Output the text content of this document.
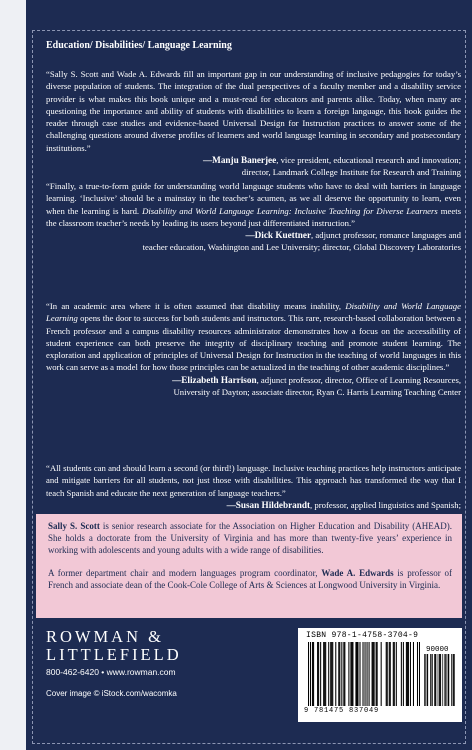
Education/ Disabilities/ Language Learning

“Sally S. Scott and Wade A. Edwards fill an important gap in our understanding of inclusive pedagogies for today’s diverse population of students. The integration of the dual perspectives of a faculty member and a disability service provider is what makes this book unique and a must-read for educators and parents alike. Today, when many are questioning the importance and ability of students with disabilities to learn a foreign language, this book guides the reader through case studies and evidence-based Universal Design for Instruction practices to answer some of the challenging questions around diverse profiles of learners and world language learning in secondary and postsecondary institutions.”

—Manju Banerjee, vice president, educational research and innovation;
director, Landmark College Institute for Research and Training

“Finally, a true-to-form guide for understanding world language students who have to deal with barriers in language learning. ‘Inclusive’ should be a mainstay in the teacher’s acumen, as we all deserve the opportunity to learn, even when the learning is hard. Disability and World Language Learning: Inclusive Teaching for Diverse Learners meets the classroom teacher’s needs by leading its users beyond just differentiated instruction.”

—Dick Kuettner, adjunct professor, romance languages and
teacher education, Washington and Lee University; director, Global Discovery Laboratories

“In an academic area where it is often assumed that disability means inability, Disability and World Language Learning opens the door to success for both students and instructors. This rare, research-based collaboration between a French professor and a campus disability resources administrator demonstrates how a focus on the accessibility of student experience can both preserve the integrity of disciplinary teaching and promote student learning. The exploration and application of principles of Universal Design for Instruction in the teaching of world languages in this work can serve as a model for how those principles can be actualized in the teaching of other academic disciplines.”

—Elizabeth Harrison, adjunct professor, director, Office of Learning Resources,
University of Dayton; associate director, Ryan C. Harris Learning Teaching Center

“All students can and should learn a second (or third!) language. Inclusive teaching practices help instructors anticipate and mitigate barriers for all students, not just those with disabilities. This approach has transformed the way that I teach Spanish and educate the next generation of language teachers.”

—Susan Hildebrandt, professor, applied linguistics and Spanish;

Sally S. Scott is senior research associate for the Association on Higher Education and Disability (AHEAD). She holds a doctorate from the University of Virginia and has more than twenty-five years’ experience in working with adolescents and young adults with a wide range of disabilities.

A former department chair and modern languages program coordinator, Wade A. Edwards is professor of French and associate dean of the Cook-Cole College of Arts & Sciences at Longwood University in Virginia.

ROWMAN &
LITTLEFIELD
800-462-6420 • www.rowman.com
Cover image © iStock.com/wacomka
ISBN 978-1-4758-3704-9
90000
9 781475 837049
